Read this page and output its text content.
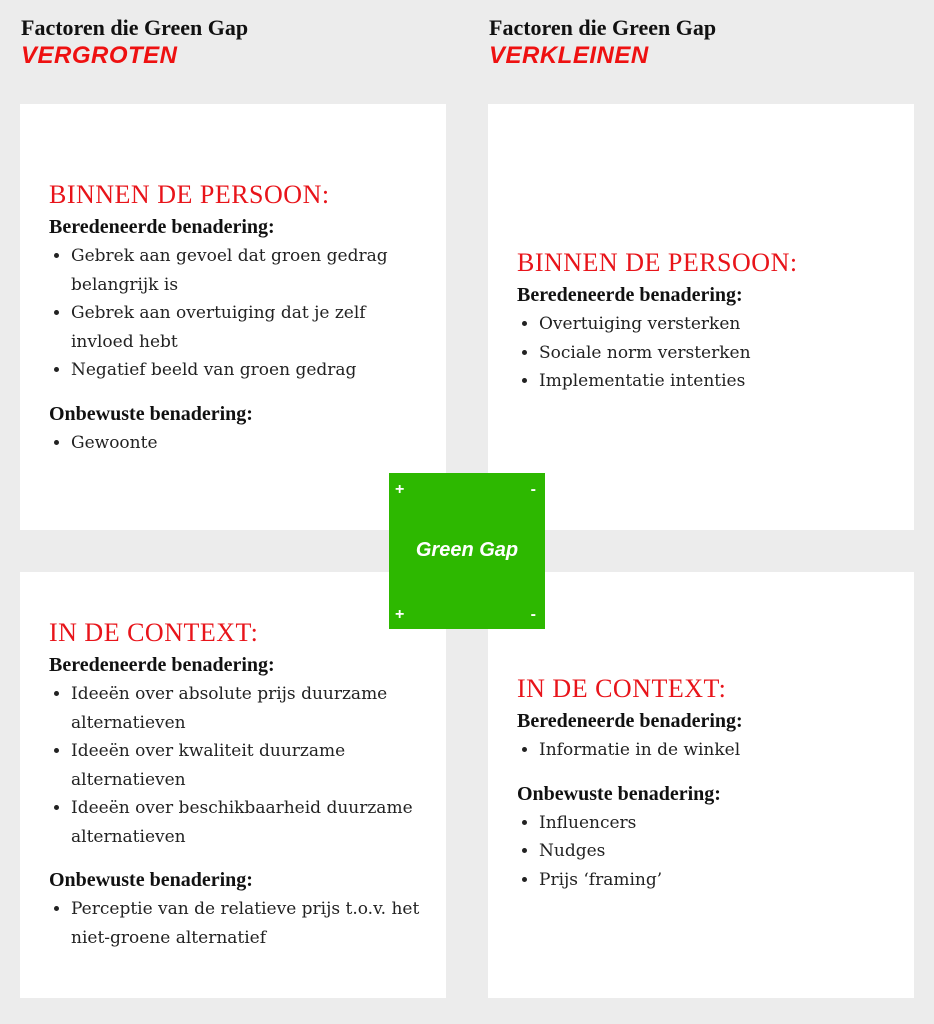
Factoren die Green Gap
VERGROTEN
Factoren die Green Gap
VERKLEINEN
BINNEN DE PERSOON:
Beredeneerde benadering:
• Gebrek aan gevoel dat groen gedrag belangrijk is
• Gebrek aan overtuiging dat je zelf invloed hebt
• Negatief beeld van groen gedrag
Onbewuste benadering:
• Gewoonte
BINNEN DE PERSOON:
Beredeneerde benadering:
• Overtuiging versterken
• Sociale norm versterken
• Implementatie intenties
IN DE CONTEXT:
Beredeneerde benadering:
• Ideeën over absolute prijs duurzame alternatieven
• Ideeën over kwaliteit duurzame alternatieven
• Ideeën over beschikbaarheid duurzame alternatieven
Onbewuste benadering:
• Perceptie van de relatieve prijs t.o.v. het niet-groene alternatief
IN DE CONTEXT:
Beredeneerde benadering:
• Informatie in de winkel
Onbewuste benadering:
• Influencers
• Nudges
• Prijs ‘framing’
+	-
Green Gap
+	-
